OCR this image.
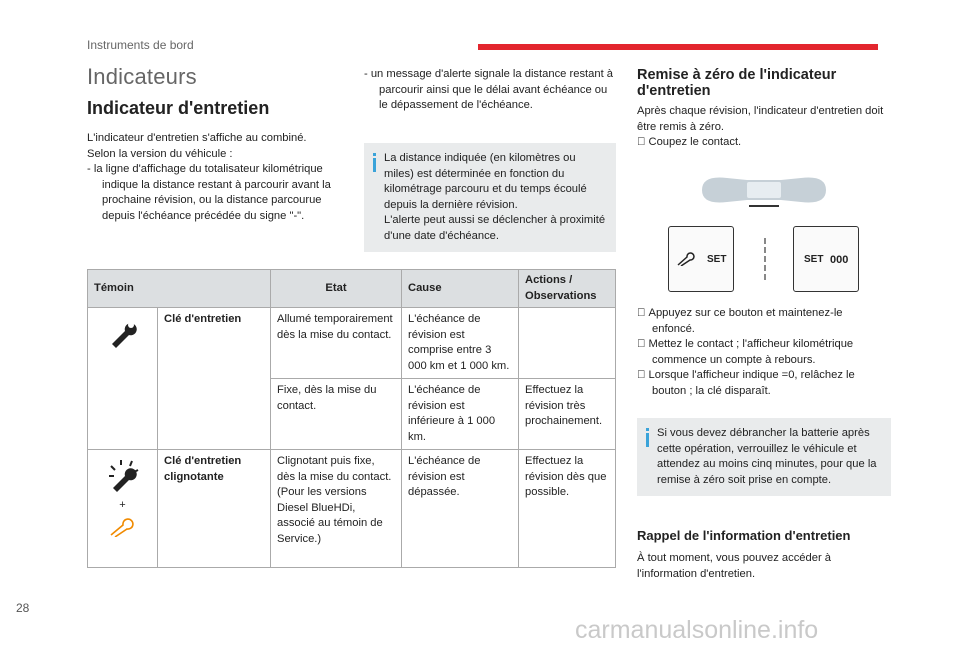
Instruments de bord
Indicateurs
Indicateur d'entretien

L'indicateur d'entretien s'affiche au combiné.

Selon la version du véhicule :

- la ligne d'affichage du totalisateur kilométrique indique la distance restant à parcourir avant la prochaine révision, ou la distance parcourue depuis l'échéance précédée du signe "-".

- un message d'alerte signale la distance restant à parcourir ainsi que le délai avant échéance ou le dépassement de l'échéance.

La distance indiquée (en kilomètres ou miles) est déterminée en fonction du kilométrage parcouru et du temps écoulé depuis la dernière révision.

L'alerte peut aussi se déclencher à proximité d'une date d'échéance.

Témoin		Etat	Cause	Actions / Observations
	Clé d'entretien	Allumé temporairement dès la mise du contact.	L'échéance de révision est comprise entre 3 000 km et 1 000 km.	
		Fixe, dès la mise du contact.	L'échéance de révision est inférieure à 1 000 km.	Effectuez la révision très prochainement.

+	Clé d'entretien clignotante	Clignotant puis fixe, dès la mise du contact. (Pour les versions Diesel BlueHDi, associé au témoin de Service.)	L'échéance de révision est dépassée.	Effectuez la révision dès que possible.
Remise à zéro de l'indicateur d'entretien

Après chaque révision, l'indicateur d'entretien doit être remis à zéro.

Coupez le contact.

SET	SET 000

Appuyez sur ce bouton et maintenez-le enfoncé.

Mettez le contact ; l'afficheur kilométrique commence un compte à rebours.

Lorsque l'afficheur indique =0, relâchez le bouton ; la clé disparaît.

Si vous devez débrancher la batterie après cette opération, verrouillez le véhicule et attendez au moins cinq minutes, pour que la remise à zéro soit prise en compte.

Rappel de l'information d'entretien

À tout moment, vous pouvez accéder à l'information d'entretien.

28
carmanualsonline.info
